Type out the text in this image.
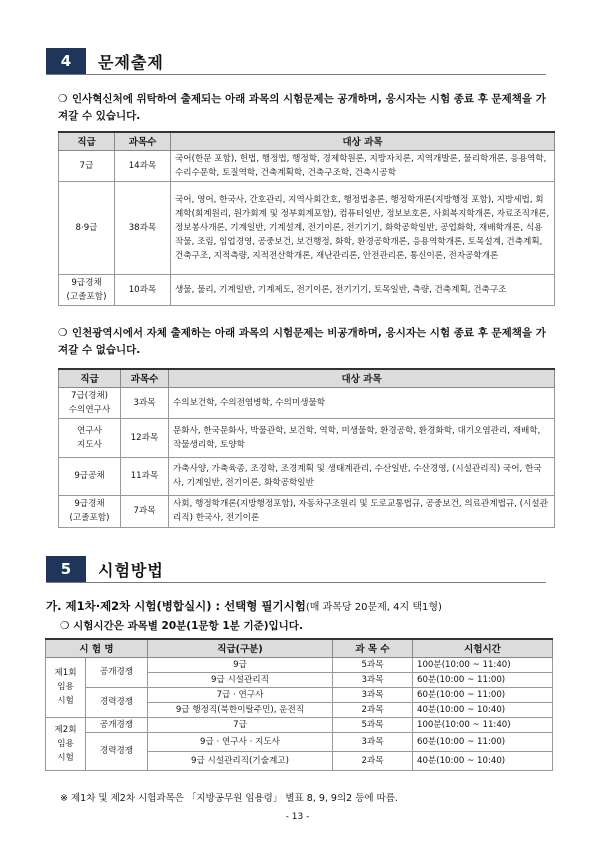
4	문제출제
❍ 인사혁신처에 위탁하여 출제되는 아래 과목의 시험문제는 공개하며, 응시자는 시험 종료 후 문제책을 가져갈 수 있습니다.
직급	과목수	대상 과목
7급	14과목	국어(한문 포함), 헌법, 행정법, 행정학, 경제학원론, 지방자치론, 지역개발론, 물리학개론, 응용역학, 수리수문학, 토질역학, 건축계획학, 건축구조학, 건축시공학
8·9급	38과목	국어, 영어, 한국사, 간호관리, 지역사회간호, 행정법총론, 행정학개론(지방행정 포함), 지방세법, 회계학(회계원리, 원가회계 및 정부회계포함), 컴퓨터일반, 정보보호론, 사회복지학개론, 자료조직개론, 정보봉사개론, 기계일반, 기계설계, 전기이론, 전기기기, 화학공학일반, 공업화학, 재배학개론, 식용작물, 조림, 임업경영, 공중보건, 보건행정, 화학, 환경공학개론, 응용역학개론, 토목설계, 건축계획, 건축구조, 지적측량, 지적전산학개론, 재난관리론, 안전관리론, 통신이론, 전자공학개론
9급경채
(고졸포함)	10과목	생물, 물리, 기계일반, 기계제도, 전기이론, 전기기기, 토목일반, 측량, 건축계획, 건축구조
❍ 인천광역시에서 자체 출제하는 아래 과목의 시험문제는 비공개하며, 응시자는 시험 종료 후 문제책을 가져갈 수 없습니다.
직급	과목수	대상 과목
7급(경채)
수의연구사	3과목	수의보건학, 수의전염병학, 수의미생물학
연구사
지도사	12과목	문화사, 한국문화사, 박물관학, 보건학, 역학, 미생물학, 환경공학, 환경화학, 대기오염관리, 재배학, 작물생리학, 토양학
9급공채	11과목	가축사양, 가축육종, 조경학, 조경계획 및 생태계관리, 수산일반, 수산경영, (시설관리직) 국어, 한국사, 기계일반, 전기이론, 화학공학일반
9급경채
(고졸포함)	7과목	사회, 행정학개론(지방행정포함), 자동차구조원리 및 도로교통법규, 공중보건, 의료관계법규, (시설관리직) 한국사, 전기이론
5	시험방법
가. 제1차·제2차 시험(병합실시) : 선택형 필기시험(매 과목당 20문제, 4지 택1형)
❍ 시험시간은 과목별 20분(1문항 1분 기준)입니다.
시 험 명		직급(구분)	과 목 수	시험시간
제1회
임용
시험	공개경쟁	9급	5과목	100분(10:00 ~ 11:40)
		9급 시설관리직	3과목	60분(10:00 ~ 11:00)
	경력경쟁	7급 · 연구사	3과목	60분(10:00 ~ 11:00)
		9급 행정직(북한이탈주민), 운전직	2과목	40분(10:00 ~ 10:40)
제2회
임용
시험	공개경쟁	7급	5과목	100분(10:00 ~ 11:40)
	경력경쟁	9급 · 연구사 · 지도사	3과목	60분(10:00 ~ 11:00)
		9급 시설관리직(기술계고)	2과목	40분(10:00 ~ 10:40)
※ 제1차 및 제2차 시험과목은 「지방공무원 임용령」 별표 8, 9, 9의2 등에 따름.
- 13 -
